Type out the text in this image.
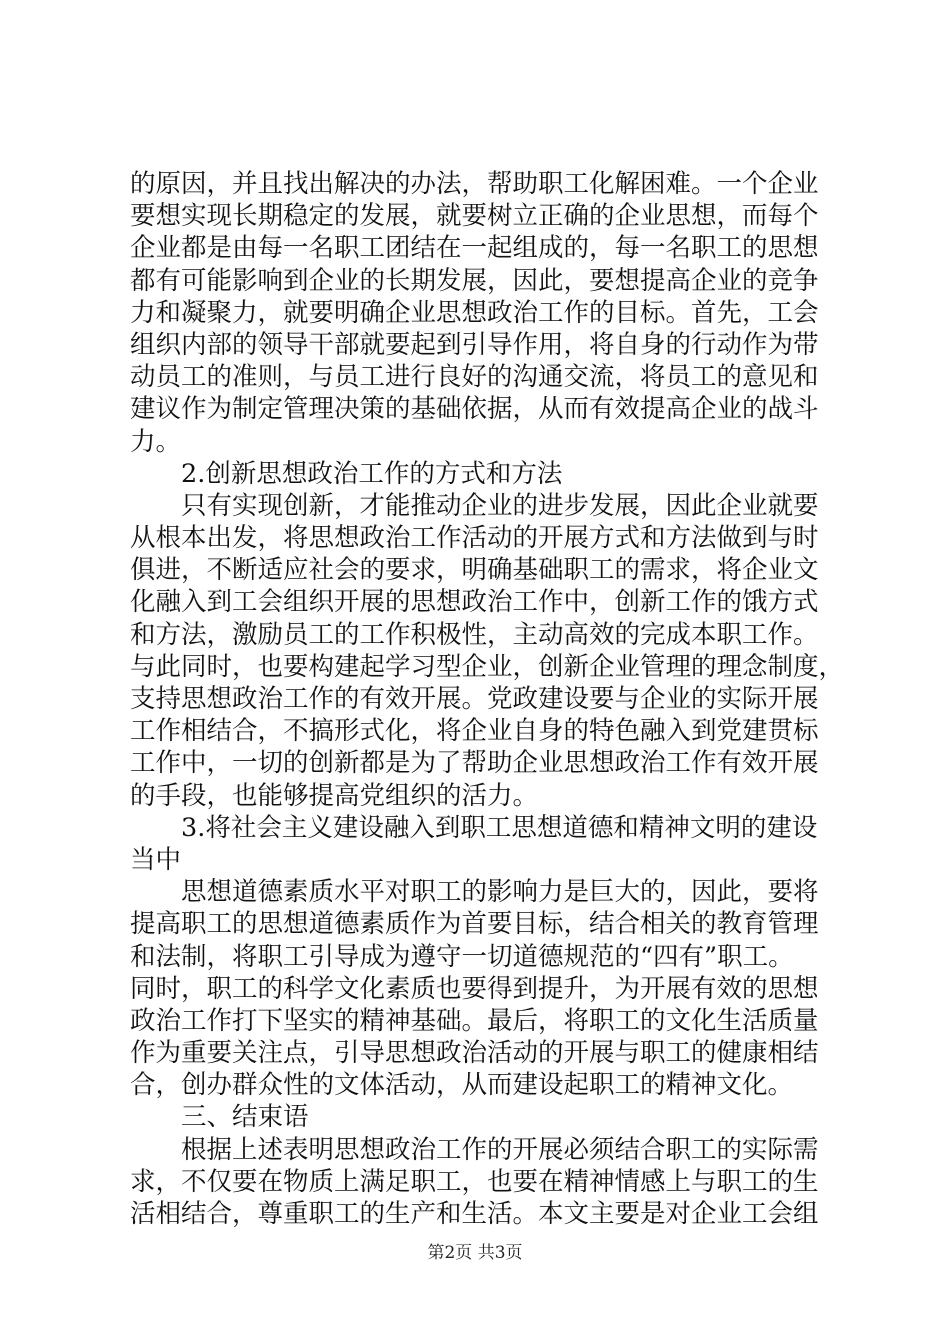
的原因，并且找出解决的办法，帮助职工化解困难。一个企业
要想实现长期稳定的发展，就要树立正确的企业思想，而每个
企业都是由每一名职工团结在一起组成的，每一名职工的思想
都有可能影响到企业的长期发展，因此，要想提高企业的竞争
力和凝聚力，就要明确企业思想政治工作的目标。首先，工会
组织内部的领导干部就要起到引导作用，将自身的行动作为带
动员工的准则，与员工进行良好的沟通交流，将员工的意见和
建议作为制定管理决策的基础依据，从而有效提高企业的战斗
力。
　　2.创新思想政治工作的方式和方法
　　只有实现创新，才能推动企业的进步发展，因此企业就要
从根本出发，将思想政治工作活动的开展方式和方法做到与时
俱进，不断适应社会的要求，明确基础职工的需求，将企业文
化融入到工会组织开展的思想政治工作中，创新工作的饿方式
和方法，激励员工的工作积极性，主动高效的完成本职工作。
与此同时，也要构建起学习型企业，创新企业管理的理念制度，
支持思想政治工作的有效开展。党政建设要与企业的实际开展
工作相结合，不搞形式化，将企业自身的特色融入到党建贯标
工作中，一切的创新都是为了帮助企业思想政治工作有效开展
的手段，也能够提高党组织的活力。
　　3.将社会主义建设融入到职工思想道德和精神文明的建设
当中
　　思想道德素质水平对职工的影响力是巨大的，因此，要将
提高职工的思想道德素质作为首要目标，结合相关的教育管理
和法制，将职工引导成为遵守一切道德规范的“四有”职工。
同时，职工的科学文化素质也要得到提升，为开展有效的思想
政治工作打下坚实的精神基础。最后，将职工的文化生活质量
作为重要关注点，引导思想政治活动的开展与职工的健康相结
合，创办群众性的文体活动，从而建设起职工的精神文化。
　　三、结束语
　　根据上述表明思想政治工作的开展必须结合职工的实际需
求，不仅要在物质上满足职工，也要在精神情感上与职工的生
活相结合，尊重职工的生产和生活。本文主要是对企业工会组
第2页 共3页
